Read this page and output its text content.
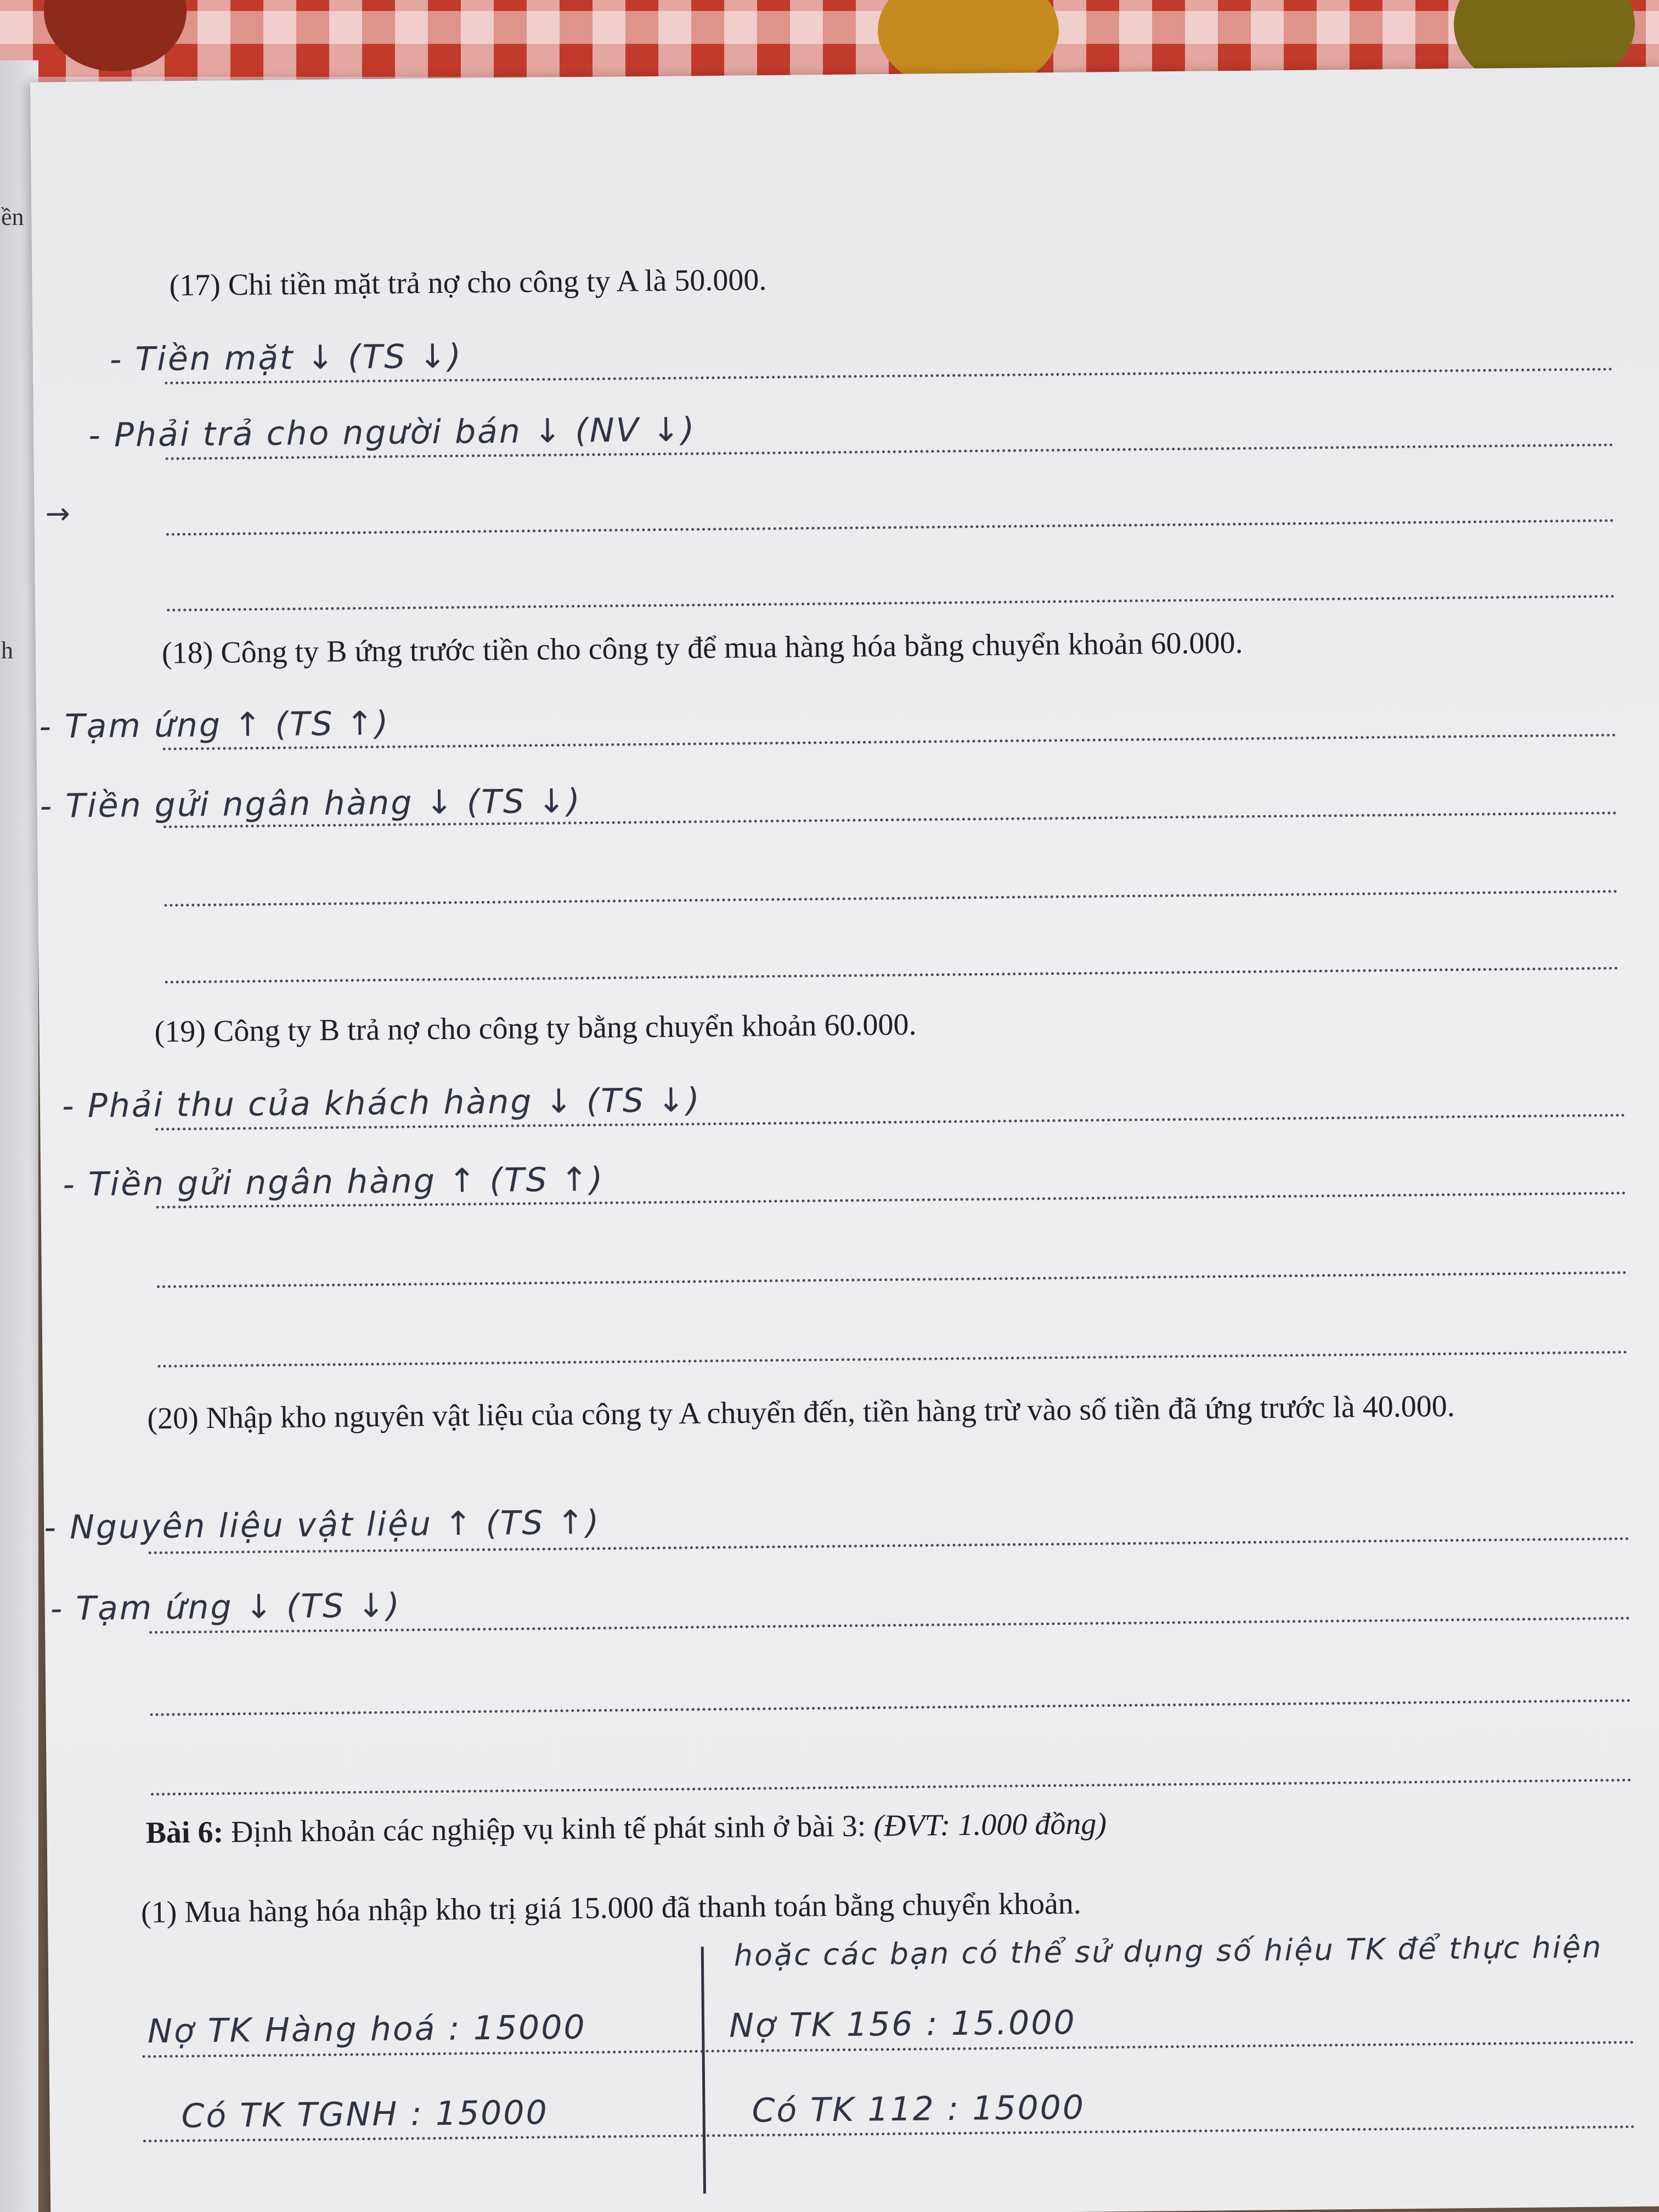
ền
h

(17) Chi tiền mặt trả nợ cho công ty A là 50.000.

- Tiền mặt ↓ (TS ↓)
- Phải trả cho người bán ↓ (NV ↓)
→

(18) Công ty B ứng trước tiền cho công ty để mua hàng hóa bằng chuyển khoản 60.000.

- Tạm ứng ↑ (TS ↑)
- Tiền gửi ngân hàng ↓ (TS ↓)

(19) Công ty B trả nợ cho công ty bằng chuyển khoản 60.000.

- Phải thu của khách hàng ↓ (TS ↓)
- Tiền gửi ngân hàng ↑ (TS ↑)

(20) Nhập kho nguyên vật liệu của công ty A chuyển đến, tiền hàng trừ vào số tiền đã ứng trước là 40.000.

- Nguyên liệu vật liệu ↑ (TS ↑)
- Tạm ứng ↓ (TS ↓)

Bài 6: Định khoản các nghiệp vụ kinh tế phát sinh ở bài 3: (ĐVT: 1.000 đồng)

(1) Mua hàng hóa nhập kho trị giá 15.000 đã thanh toán bằng chuyển khoản.

hoặc các bạn có thể sử dụng số hiệu TK để thực hiện
Nợ TK Hàng hoá : 15000	Nợ TK 156 : 15.000
Có TK TGNH : 15000	Có TK 112 : 15000
